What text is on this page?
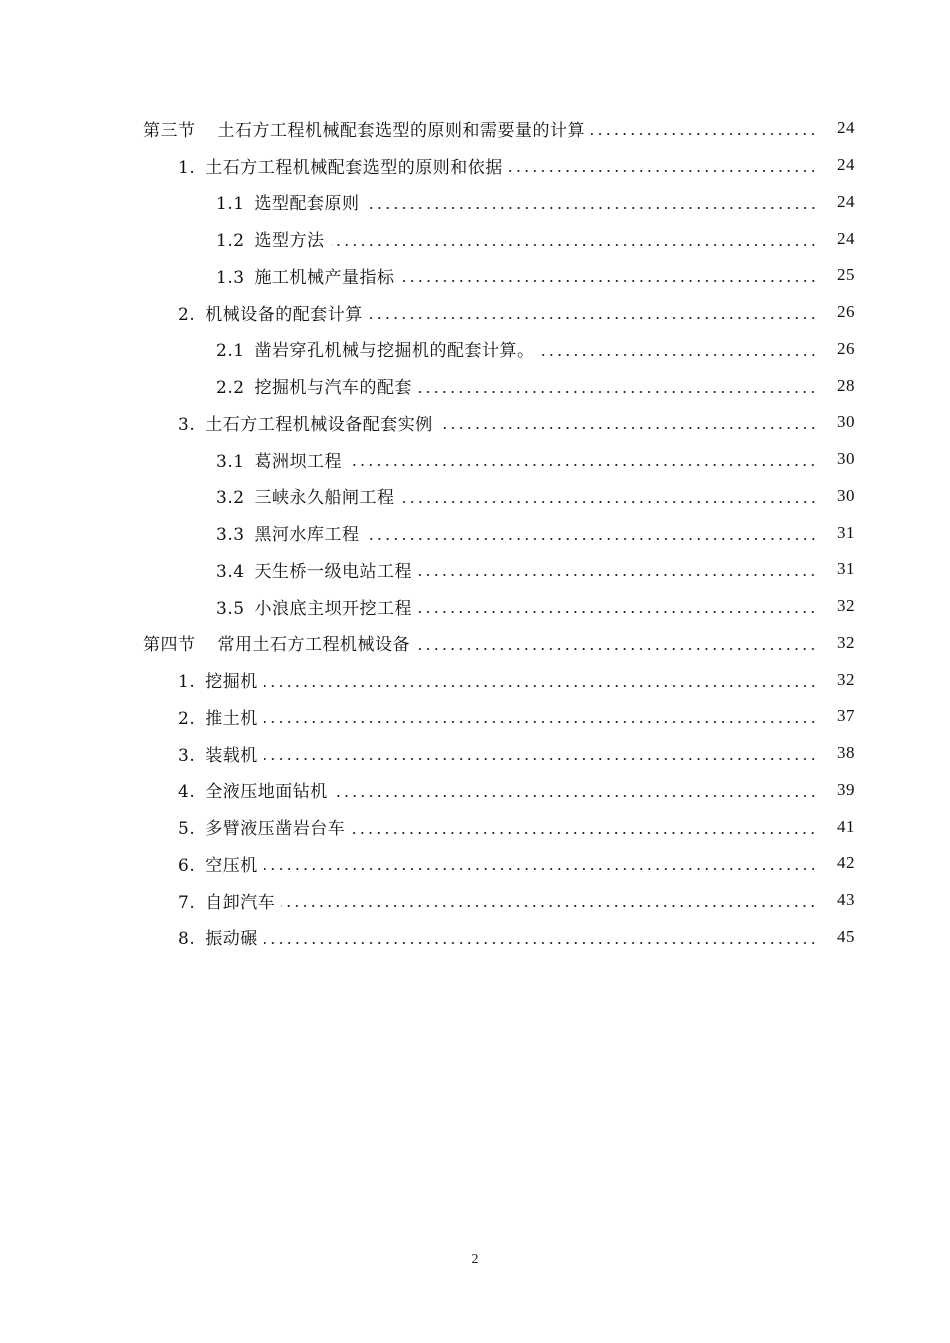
第三节 土石方工程机械配套选型的原则和需要量的计算	24
1. 土石方工程机械配套选型的原则和依据	24
1.1 选型配套原则	24
1.2 选型方法	24
1.3 施工机械产量指标	25
2. 机械设备的配套计算	26
2.1 凿岩穿孔机械与挖掘机的配套计算。	26
2.2 挖掘机与汽车的配套	28
3. 土石方工程机械设备配套实例	30
3.1 葛洲坝工程	30
3.2 三峡永久船闸工程	30
3.3 黑河水库工程	31
3.4 天生桥一级电站工程	31
3.5 小浪底主坝开挖工程	32
第四节 常用土石方工程机械设备	32
1. 挖掘机	32
2. 推土机	37
3. 装载机	38
4. 全液压地面钻机	39
5. 多臂液压凿岩台车	41
6. 空压机	42
7. 自卸汽车	43
8. 振动碾	45
2
